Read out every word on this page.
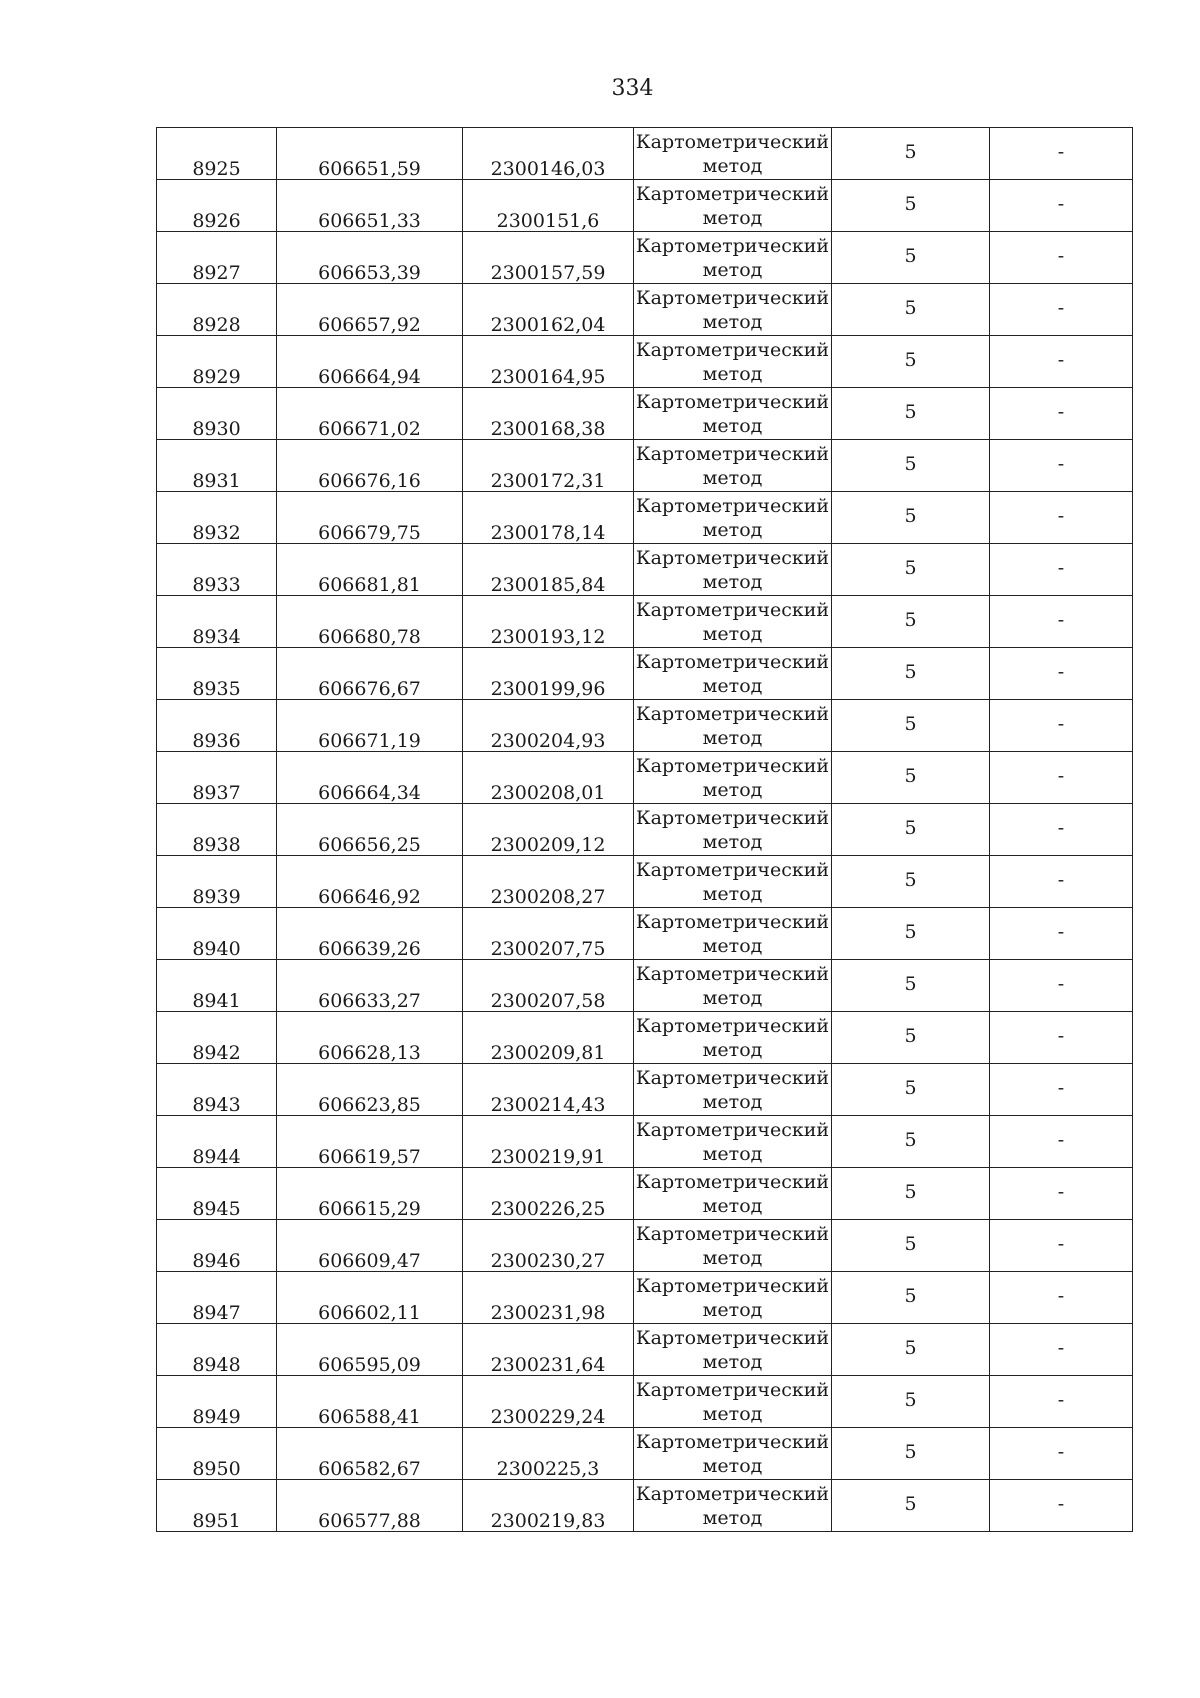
334
8925	606651,59	2300146,03	Картометрический метод	5	-

8926	606651,33	2300151,6	Картометрический метод	5	-

8927	606653,39	2300157,59	Картометрический метод	5	-

8928	606657,92	2300162,04	Картометрический метод	5	-

8929	606664,94	2300164,95	Картометрический метод	5	-

8930	606671,02	2300168,38	Картометрический метод	5	-

8931	606676,16	2300172,31	Картометрический метод	5	-

8932	606679,75	2300178,14	Картометрический метод	5	-

8933	606681,81	2300185,84	Картометрический метод	5	-

8934	606680,78	2300193,12	Картометрический метод	5	-

8935	606676,67	2300199,96	Картометрический метод	5	-

8936	606671,19	2300204,93	Картометрический метод	5	-

8937	606664,34	2300208,01	Картометрический метод	5	-

8938	606656,25	2300209,12	Картометрический метод	5	-

8939	606646,92	2300208,27	Картометрический метод	5	-

8940	606639,26	2300207,75	Картометрический метод	5	-

8941	606633,27	2300207,58	Картометрический метод	5	-

8942	606628,13	2300209,81	Картометрический метод	5	-

8943	606623,85	2300214,43	Картометрический метод	5	-

8944	606619,57	2300219,91	Картометрический метод	5	-

8945	606615,29	2300226,25	Картометрический метод	5	-

8946	606609,47	2300230,27	Картометрический метод	5	-

8947	606602,11	2300231,98	Картометрический метод	5	-

8948	606595,09	2300231,64	Картометрический метод	5	-

8949	606588,41	2300229,24	Картометрический метод	5	-

8950	606582,67	2300225,3	Картометрический метод	5	-

8951	606577,88	2300219,83	Картометрический метод	5	-
